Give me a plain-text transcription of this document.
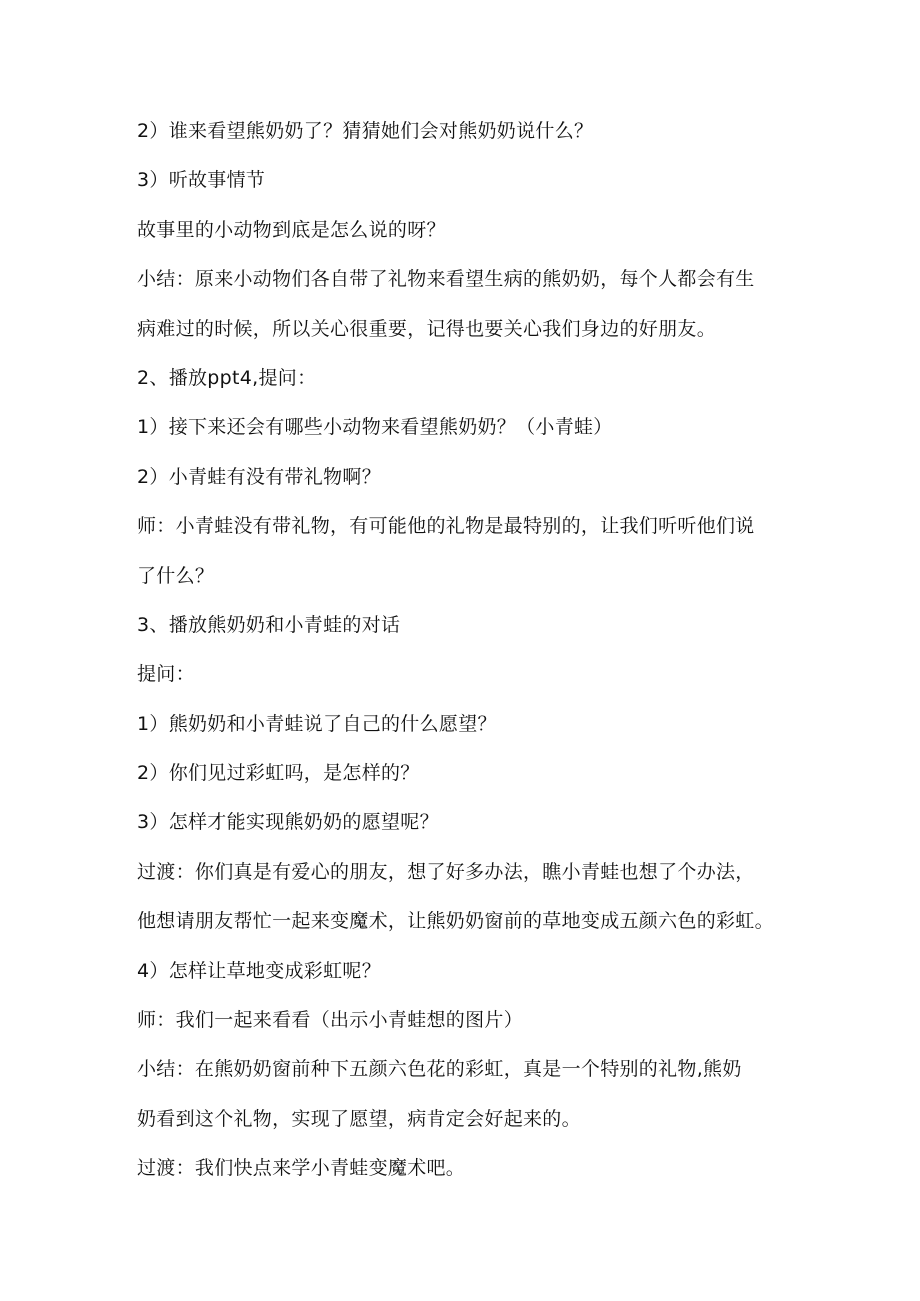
2）谁来看望熊奶奶了？猜猜她们会对熊奶奶说什么？
3）听故事情节
故事里的小动物到底是怎么说的呀？
小结：原来小动物们各自带了礼物来看望生病的熊奶奶，每个人都会有生
病难过的时候，所以关心很重要，记得也要关心我们身边的好朋友。
2、播放ppt4,提问：
1）接下来还会有哪些小动物来看望熊奶奶？（小青蛙）
2）小青蛙有没有带礼物啊？
师：小青蛙没有带礼物，有可能他的礼物是最特别的，让我们听听他们说
了什么？
3、播放熊奶奶和小青蛙的对话
提问：
1）熊奶奶和小青蛙说了自己的什么愿望？
2）你们见过彩虹吗，是怎样的？
3）怎样才能实现熊奶奶的愿望呢？
过渡：你们真是有爱心的朋友，想了好多办法，瞧小青蛙也想了个办法，
他想请朋友帮忙一起来变魔术，让熊奶奶窗前的草地变成五颜六色的彩虹。
4）怎样让草地变成彩虹呢？
师：我们一起来看看（出示小青蛙想的图片）
小结：在熊奶奶窗前种下五颜六色花的彩虹，真是一个特别的礼物,熊奶
奶看到这个礼物，实现了愿望，病肯定会好起来的。
过渡：我们快点来学小青蛙变魔术吧。
